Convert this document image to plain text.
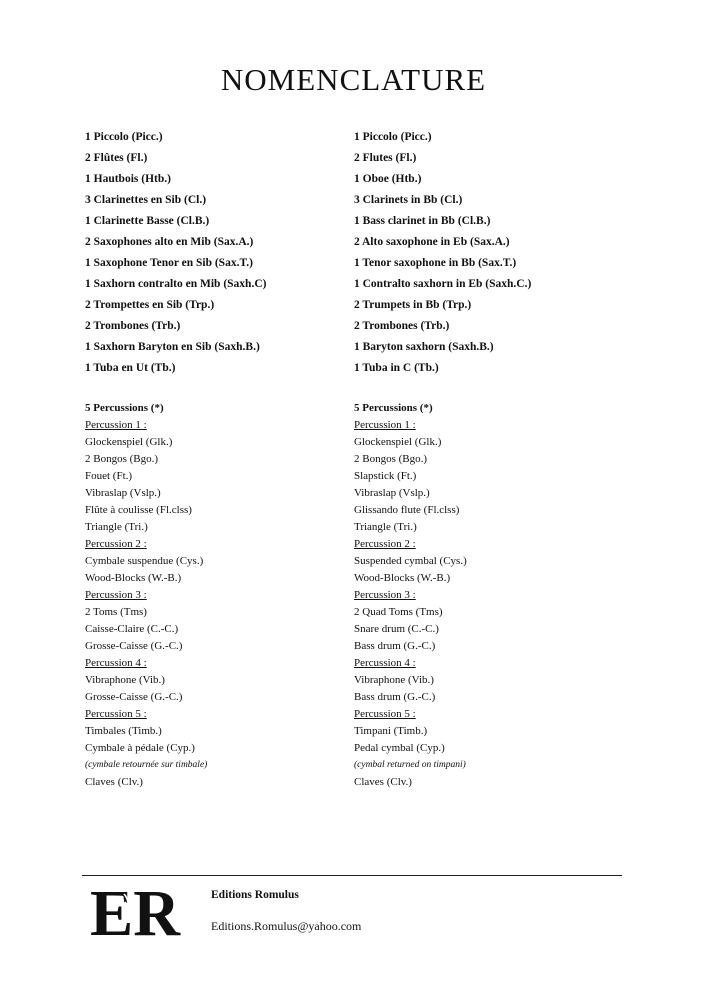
NOMENCLATURE
1 Piccolo (Picc.)
2 Flûtes (Fl.)
1 Hautbois (Htb.)
3 Clarinettes en Sib (Cl.)
1 Clarinette Basse (Cl.B.)
2 Saxophones alto en Mib (Sax.A.)
1 Saxophone Tenor en Sib (Sax.T.)
1 Saxhorn contralto en Mib (Saxh.C)
2 Trompettes en Sib (Trp.)
2 Trombones (Trb.)
1 Saxhorn Baryton en Sib (Saxh.B.)
1 Tuba en Ut (Tb.)
5 Percussions (*)
Percussion 1 :
Glockenspiel (Glk.)
2 Bongos (Bgo.)
Fouet (Ft.)
Vibraslap (Vslp.)
Flûte à coulisse (Fl.clss)
Triangle (Tri.)
Percussion 2 :
Cymbale suspendue (Cys.)
Wood-Blocks (W.-B.)
Percussion 3 :
2 Toms (Tms)
Caisse-Claire (C.-C.)
Grosse-Caisse (G.-C.)
Percussion 4 :
Vibraphone (Vib.)
Grosse-Caisse (G.-C.)
Percussion 5 :
Timbales (Timb.)
Cymbale à pédale (Cyp.)
(cymbale retournée sur timbale)
Claves (Clv.)
1 Piccolo (Picc.)
2 Flutes (Fl.)
1 Oboe (Htb.)
3 Clarinets in Bb (Cl.)
1 Bass clarinet in Bb (Cl.B.)
2 Alto saxophone in Eb (Sax.A.)
1 Tenor saxophone in Bb (Sax.T.)
1 Contralto saxhorn in Eb (Saxh.C.)
2 Trumpets in Bb (Trp.)
2 Trombones (Trb.)
1 Baryton saxhorn (Saxh.B.)
1 Tuba in C (Tb.)
5 Percussions (*)
Percussion 1 :
Glockenspiel (Glk.)
2 Bongos (Bgo.)
Slapstick (Ft.)
Vibraslap (Vslp.)
Glissando flute (Fl.clss)
Triangle (Tri.)
Percussion 2 :
Suspended cymbal (Cys.)
Wood-Blocks (W.-B.)
Percussion 3 :
2 Quad Toms (Tms)
Snare drum (C.-C.)
Bass drum (G.-C.)
Percussion 4 :
Vibraphone (Vib.)
Bass drum (G.-C.)
Percussion 5 :
Timpani (Timb.)
Pedal cymbal (Cyp.)
(cymbal returned on timpani)
Claves (Clv.)
ER	Editions Romulus
Editions.Romulus@yahoo.com
